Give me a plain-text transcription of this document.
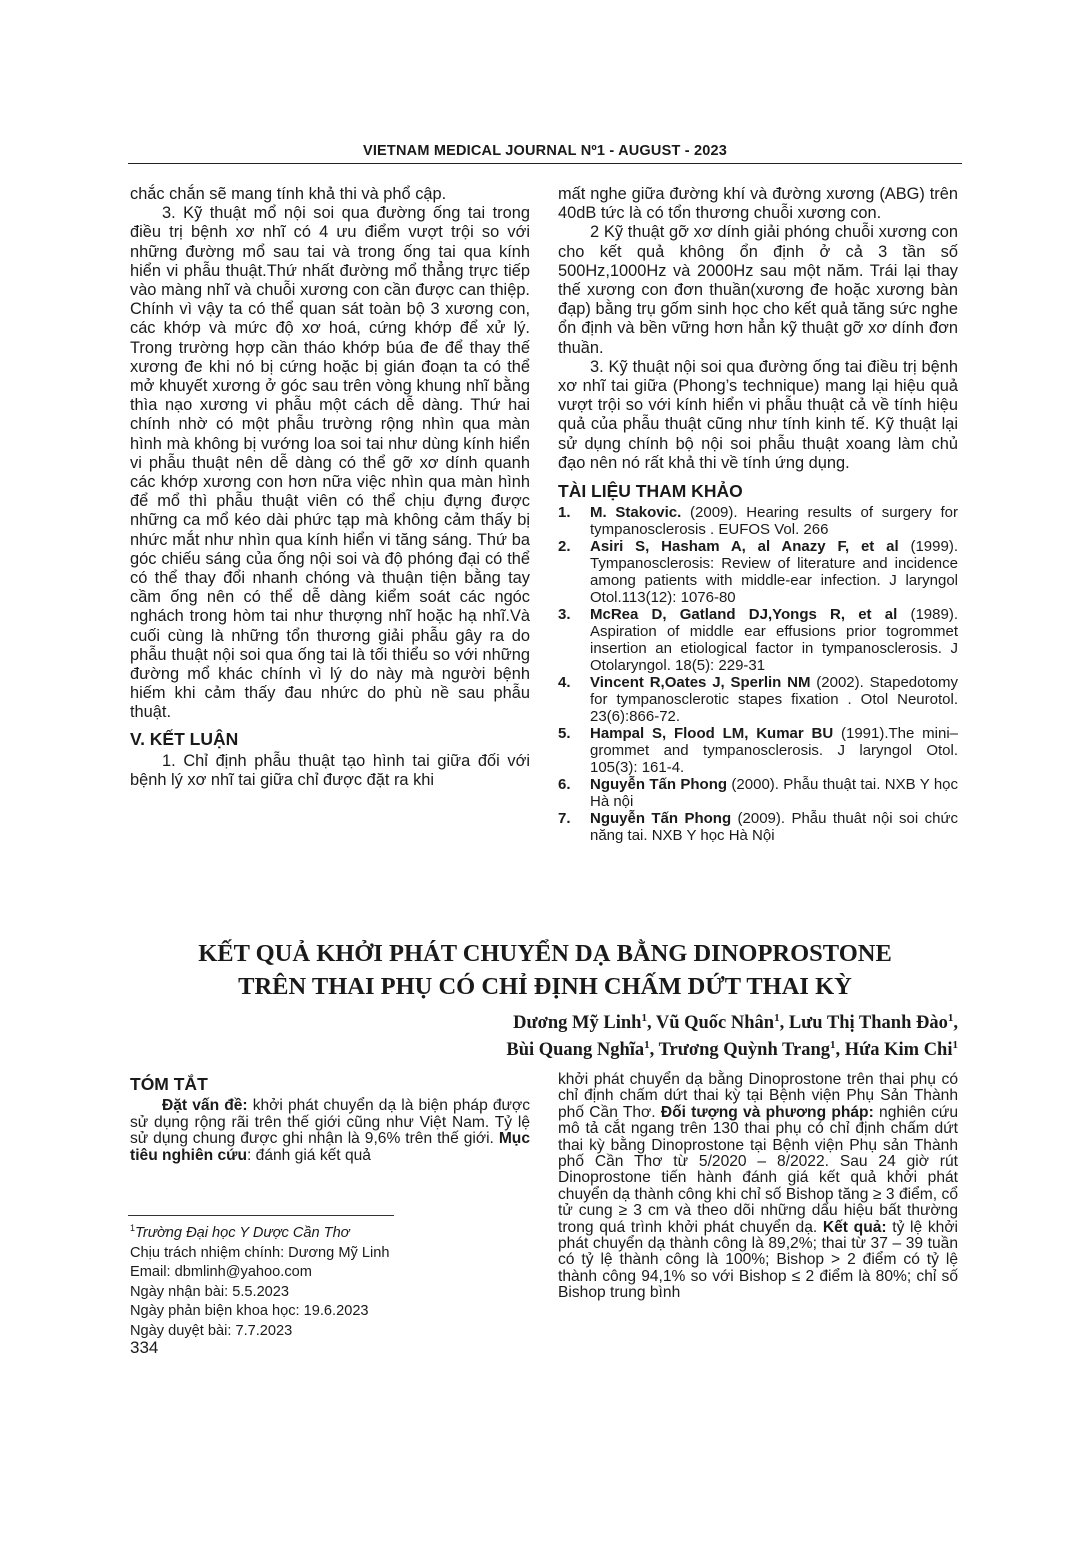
VIETNAM MEDICAL JOURNAL Nº1 - AUGUST - 2023

chắc chắn sẽ mang tính khả thi và phổ cập.

3. Kỹ thuật mổ nội soi qua đường ống tai trong điều trị bệnh xơ nhĩ có 4 ưu điểm vượt trội so với những đường mổ sau tai và trong ống tai qua kính hiển vi phẫu thuật.Thứ nhất đường mổ thẳng trực tiếp vào màng nhĩ và chuỗi xương con cần được can thiệp. Chính vì vậy ta có thể quan sát toàn bộ 3 xương con, các khớp và mức độ xơ hoá, cứng khớp để xử lý. Trong trường hợp cần tháo khớp búa đe để thay thế xương đe khi nó bị cứng hoặc bị gián đoạn ta có thể mở khuyết xương ở góc sau trên vòng khung nhĩ bằng thìa nạo xương vi phẫu một cách dễ dàng. Thứ hai chính nhờ có một phẫu trường rộng nhìn qua màn hình mà không bị vướng loa soi tai như dùng kính hiển vi phẫu thuật nên dễ dàng có thể gỡ xơ dính quanh các khớp xương con hơn nữa việc nhìn qua màn hình để mổ thì phẫu thuật viên có thể chịu đựng được những ca mổ kéo dài phức tạp mà không cảm thấy bị nhức mắt như nhìn qua kính hiển vi tăng sáng. Thứ ba góc chiếu sáng của ống nội soi và độ phóng đại có thể có thể thay đổi nhanh chóng và thuận tiện bằng tay cầm ống nên có thể dễ dàng kiểm soát các ngóc nghách trong hòm tai như thượng nhĩ hoặc hạ nhĩ.Và cuối cùng là những tổn thương giải phẫu gây ra do phẫu thuật nội soi qua ống tai là tối thiểu so với những đường mổ khác chính vì lý do này mà người bệnh hiếm khi cảm thấy đau nhức do phù nề sau phẫu thuật.

V. KẾT LUẬN

1. Chỉ định phẫu thuật tạo hình tai giữa đối với bệnh lý xơ nhĩ tai giữa chỉ được đặt ra khi

mất nghe giữa đường khí và đường xương (ABG) trên 40dB tức là có tổn thương chuỗi xương con.

2 Kỹ thuật gỡ xơ dính giải phóng chuỗi xương con cho kết quả không ổn định ở cả 3 tần số 500Hz,1000Hz và 2000Hz sau một năm. Trái lại thay thế xương con đơn thuần(xương đe hoặc xương bàn đạp) bằng trụ gốm sinh học cho kết quả tăng sức nghe ổn định và bền vững hơn hẳn kỹ thuật gỡ xơ dính đơn thuần.

3. Kỹ thuật nội soi qua đường ống tai điều trị bệnh xơ nhĩ tai giữa (Phong’s technique) mang lại hiệu quả vượt trội so với kính hiển vi phẫu thuật cả về tính hiệu quả của phẫu thuật cũng như tính kinh tế. Kỹ thuật lại sử dụng chính bộ nội soi phẫu thuật xoang làm chủ đạo nên nó rất khả thi về tính ứng dụng.

TÀI LIỆU THAM KHẢO

1. M. Stakovic. (2009). Hearing results of surgery for tympanosclerosis . EUFOS Vol. 266
2. Asiri S, Hasham A, al Anazy F, et al (1999). Tympanosclerosis: Review of literature and incidence among patients with middle-ear infection. J laryngol Otol.113(12): 1076-80
3. McRea D, Gatland DJ,Yongs R, et al (1989). Aspiration of middle ear effusions prior togrommet insertion an etiological factor in tympanosclerosis. J Otolaryngol. 18(5): 229-31
4. Vincent R,Oates J, Sperlin NM (2002). Stapedotomy for tympanosclerotic stapes fixation . Otol Neurotol. 23(6):866-72.
5. Hampal S, Flood LM, Kumar BU (1991).The mini–grommet and tympanosclerosis. J laryngol Otol. 105(3): 161-4.
6. Nguyễn Tấn Phong (2000). Phẫu thuật tai. NXB Y học Hà nội
7. Nguyễn Tấn Phong (2009). Phẫu thuât nội soi chức năng tai. NXB Y học Hà Nội
KẾT QUẢ KHỞI PHÁT CHUYỂN DẠ BẰNG DINOPROSTONE
TRÊN THAI PHỤ CÓ CHỈ ĐỊNH CHẤM DỨT THAI KỲ
Dương Mỹ Linh$^1$, Vũ Quốc Nhân$^1$, Lưu Thị Thanh Đào$^1$,
Bùi Quang Nghĩa$^1$, Trương Quỳnh Trang$^1$, Hứa Kim Chi$^1$

TÓM TẮT

Đặt vấn đề: khởi phát chuyển dạ là biện pháp được sử dụng rộng rãi trên thế giới cũng như Việt Nam. Tỷ lệ sử dụng chung được ghi nhận là 9,6% trên thế giới. Mục tiêu nghiên cứu: đánh giá kết quả

khởi phát chuyển dạ bằng Dinoprostone trên thai phụ có chỉ định chấm dứt thai kỳ tại Bệnh viện Phụ Sản Thành phố Cần Thơ. Đối tượng và phương pháp: nghiên cứu mô tả cắt ngang trên 130 thai phụ có chỉ định chấm dứt thai kỳ bằng Dinoprostone tại Bệnh viện Phụ sản Thành phố Cần Thơ từ 5/2020 – 8/2022. Sau 24 giờ rút Dinoprostone tiến hành đánh giá kết quả khởi phát chuyển dạ thành công khi chỉ số Bishop tăng ≥ 3 điểm, cổ tử cung ≥ 3 cm và theo dõi những dấu hiệu bất thường trong quá trình khởi phát chuyển dạ. Kết quả: tỷ lệ khởi phát chuyển dạ thành công là 89,2%; thai từ 37 – 39 tuần có tỷ lệ thành công là 100%; Bishop > 2 điểm có tỷ lệ thành công 94,1% so với Bishop ≤ 2 điểm là 80%; chỉ số Bishop trung bình

$^1$Trường Đại học Y Dược Cần Thơ
Chịu trách nhiệm chính: Dương Mỹ Linh
Email: dbmlinh@yahoo.com
Ngày nhận bài: 5.5.2023
Ngày phản biện khoa học: 19.6.2023
Ngày duyệt bài: 7.7.2023
334
